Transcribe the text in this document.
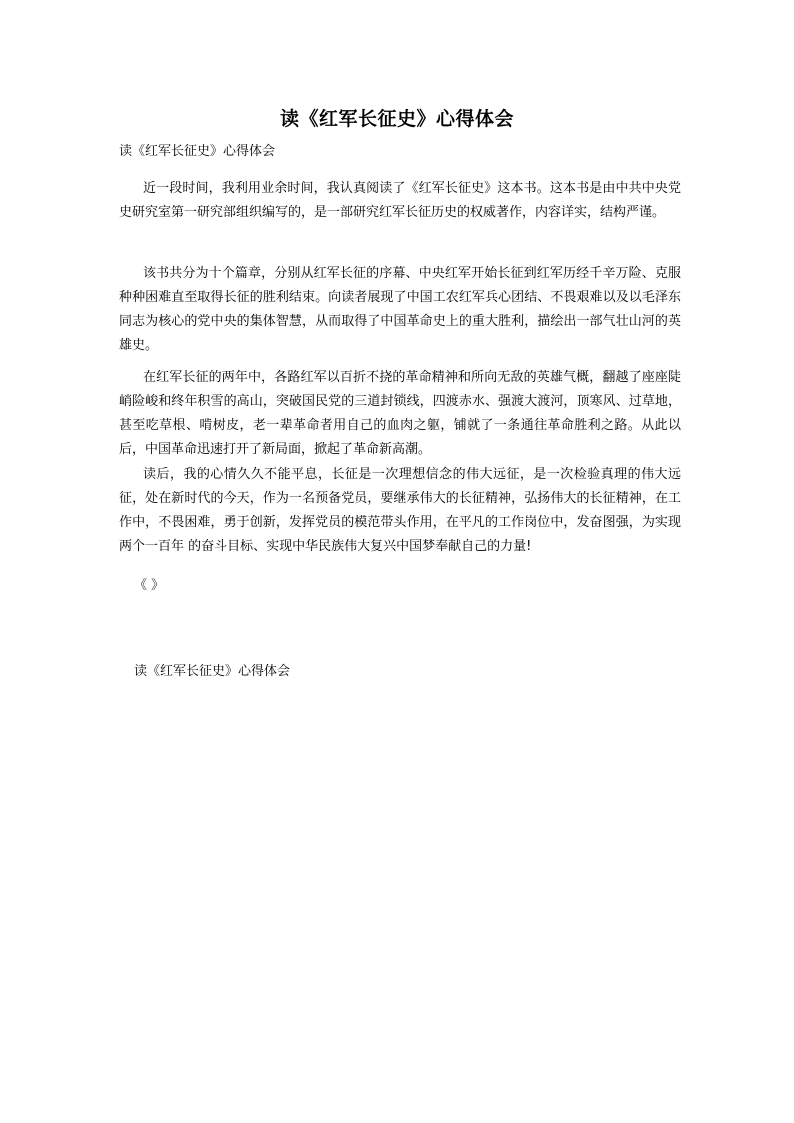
读《红军长征史》心得体会
读《红军长征史》心得体会

近一段时间，我利用业余时间，我认真阅读了《红军长征史》这本书。这本书是由中共中央党史研究室第一研究部组织编写的，是一部研究红军长征历史的权威著作，内容详实，结构严谨。

该书共分为十个篇章，分别从红军长征的序幕、中央红军开始长征到红军历经千辛万险、克服种种困难直至取得长征的胜利结束。向读者展现了中国工农红军兵心团结、不畏艰难以及以毛泽东同志为核心的党中央的集体智慧，从而取得了中国革命史上的重大胜利，描绘出一部气壮山河的英雄史。

在红军长征的两年中，各路红军以百折不挠的革命精神和所向无敌的英雄气概，翻越了座座陡峭险峻和终年积雪的高山，突破国民党的三道封锁线，四渡赤水、强渡大渡河，顶寒风、过草地，甚至吃草根、啃树皮，老一辈革命者用自己的血肉之躯，铺就了一条通往革命胜利之路。从此以后，中国革命迅速打开了新局面，掀起了革命新高潮。

读后，我的心情久久不能平息，长征是一次理想信念的伟大远征，是一次检验真理的伟大远征，处在新时代的今天，作为一名预备党员，要继承伟大的长征精神，弘扬伟大的长征精神，在工作中，不畏困难，勇于创新，发挥党员的模范带头作用，在平凡的工作岗位中，发奋图强，为实现 两个一百年 的奋斗目标、实现中华民族伟大复兴中国梦奉献自己的力量!

《 》
读《红军长征史》心得体会
